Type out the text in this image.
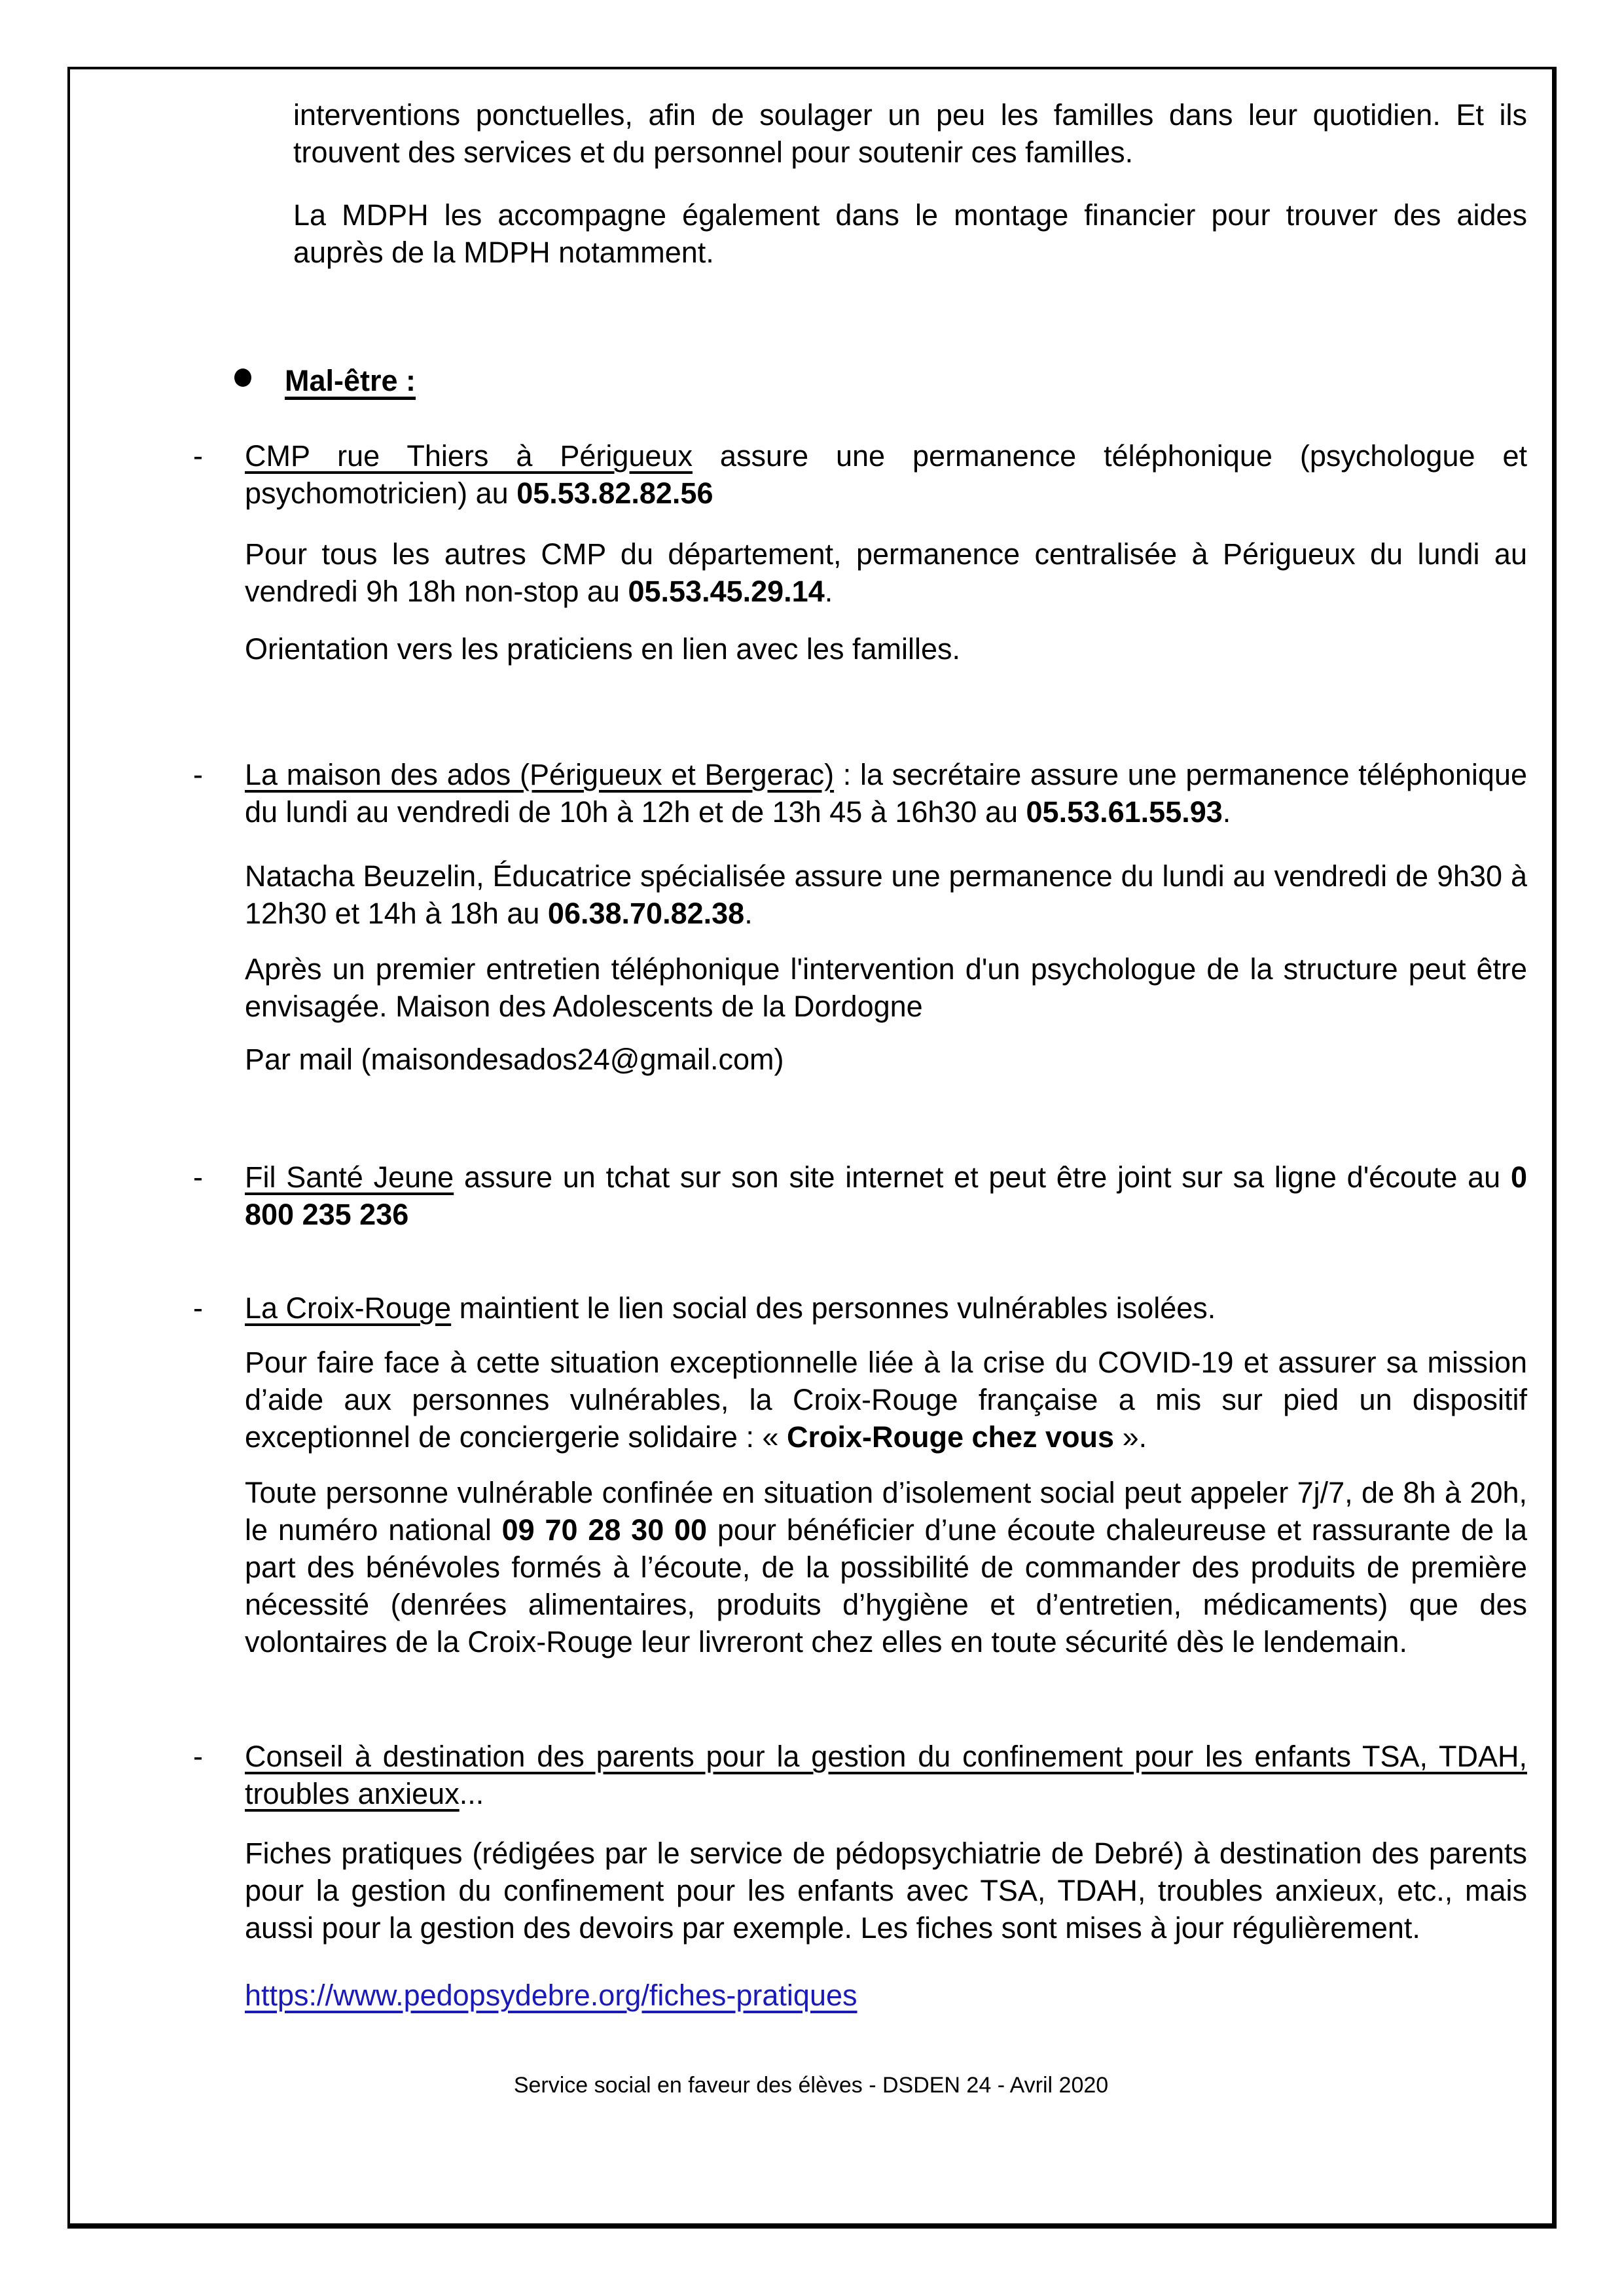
interventions ponctuelles, afin de soulager un peu les familles dans leur quotidien. Et ils trouvent des services et du personnel pour soutenir ces familles.

La MDPH les accompagne également dans le montage financier pour trouver des aides auprès de la MDPH notamment.

Mal-être :

- CMP rue Thiers à Périgueux assure une permanence téléphonique (psychologue et psychomotricien) au 05.53.82.82.56

Pour tous les autres CMP du département, permanence centralisée à Périgueux du lundi au vendredi 9h 18h non-stop au 05.53.45.29.14.

Orientation vers les praticiens en lien avec les familles.

- La maison des ados (Périgueux et Bergerac) : la secrétaire assure une permanence téléphonique du lundi au vendredi de 10h à 12h et de 13h 45 à 16h30 au 05.53.61.55.93.

Natacha Beuzelin, Éducatrice spécialisée assure une permanence du lundi au vendredi de 9h30 à 12h30 et 14h à 18h au 06.38.70.82.38.

Après un premier entretien téléphonique l'intervention d'un psychologue de la structure peut être envisagée. Maison des Adolescents de la Dordogne

Par mail (maisondesados24@gmail.com)

- Fil Santé Jeune assure un tchat sur son site internet et peut être joint sur sa ligne d'écoute au 0 800 235 236
- La Croix-Rouge maintient le lien social des personnes vulnérables isolées.

Pour faire face à cette situation exceptionnelle liée à la crise du COVID-19 et assurer sa mission d’aide aux personnes vulnérables, la Croix-Rouge française a mis sur pied un dispositif exceptionnel de conciergerie solidaire : « Croix-Rouge chez vous ».

Toute personne vulnérable confinée en situation d’isolement social peut appeler 7j/7, de 8h à 20h, le numéro national 09 70 28 30 00 pour bénéficier d’une écoute chaleureuse et rassurante de la part des bénévoles formés à l’écoute, de la possibilité de commander des produits de première nécessité (denrées alimentaires, produits d’hygiène et d’entretien, médicaments) que des volontaires de la Croix-Rouge leur livreront chez elles en toute sécurité dès le lendemain.

- Conseil à destination des parents pour la gestion du confinement pour les enfants TSA, TDAH, troubles anxieux...

Fiches pratiques (rédigées par le service de pédopsychiatrie de Debré) à destination des parents pour la gestion du confinement pour les enfants avec TSA, TDAH, troubles anxieux, etc., mais aussi pour la gestion des devoirs par exemple. Les fiches sont mises à jour régulièrement.

https://www.pedopsydebre.org/fiches-pratiques

Service social en faveur des élèves - DSDEN 24 - Avril 2020
